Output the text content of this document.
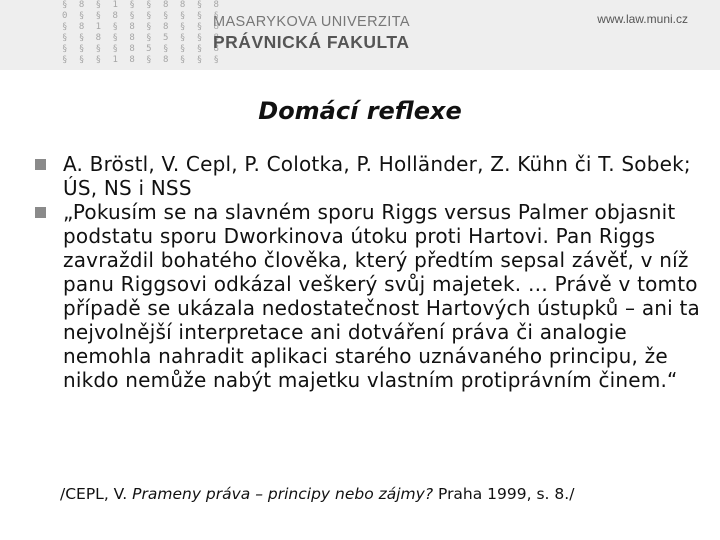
§ 8 § 1 § § 8 8 § 8
0 § § 8 § § § § § §
§ 8 1 § 8 § 8 § § 8
§ § 8 § 8 § 5 § § 8
§ § § § 8 5 § § § 8
§ § § 1 8 § 8 § § §
MASARYKOVA UNIVERZITA
PRÁVNICKÁ FAKULTA
www.law.muni.cz
Domácí reflexe
A. Bröstl, V. Cepl, P. Colotka, P. Holländer, Z. Kühn či T. Sobek; ÚS, NS i NSS
„Pokusím se na slavném sporu Riggs versus Palmer objasnit podstatu sporu Dworkinova útoku proti Hartovi. Pan Riggs zavraždil bohatého člověka, který předtím sepsal závěť, v níž panu Riggsovi odkázal veškerý svůj majetek. … Právě v tomto případě se ukázala nedostatečnost Hartových ústupků – ani ta nejvolnější interpretace ani dotváření práva či analogie nemohla nahradit aplikaci starého uznávaného principu, že nikdo nemůže nabýt majetku vlastním protiprávním činem.“
/CEPL, V. Prameny práva – principy nebo zájmy? Praha 1999, s. 8./
